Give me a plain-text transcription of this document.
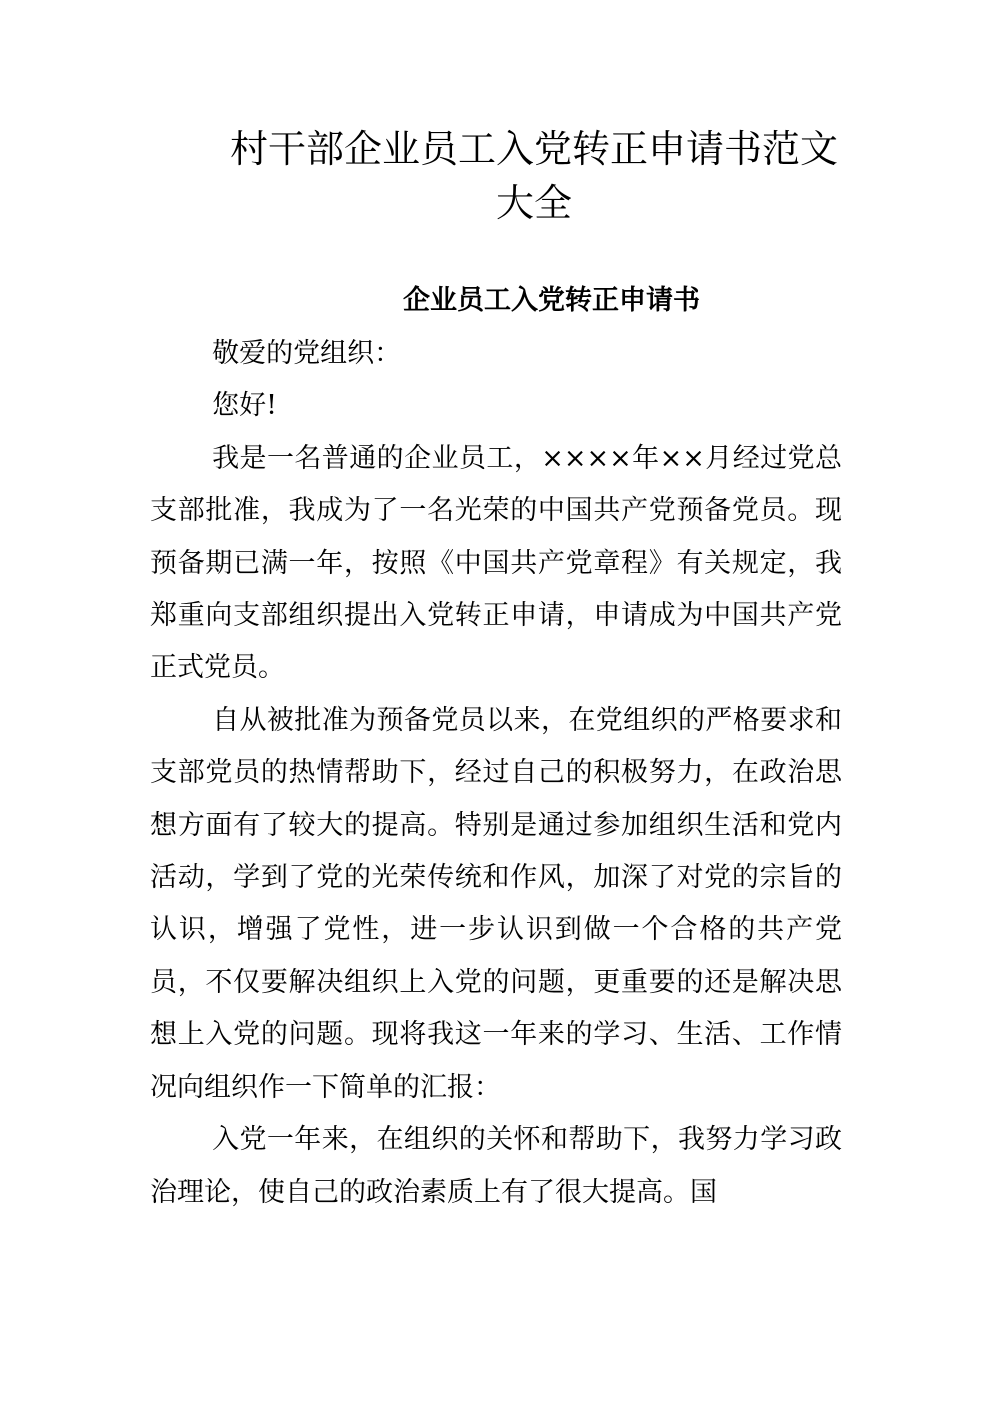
村干部企业员工入党转正申请书范文大全
企业员工入党转正申请书

敬爱的党组织：

您好!

我是一名普通的企业员工，××××年××月经过党总支部批准，我成为了一名光荣的中国共产党预备党员。现预备期已满一年，按照《中国共产党章程》有关规定，我郑重向支部组织提出入党转正申请，申请成为中国共产党正式党员。

自从被批准为预备党员以来，在党组织的严格要求和支部党员的热情帮助下，经过自己的积极努力，在政治思想方面有了较大的提高。特别是通过参加组织生活和党内活动，学到了党的光荣传统和作风，加深了对党的宗旨的认识，增强了党性，进一步认识到做一个合格的共产党员，不仅要解决组织上入党的问题，更重要的还是解决思想上入党的问题。现将我这一年来的学习、生活、工作情况向组织作一下简单的汇报：

入党一年来，在组织的关怀和帮助下，我努力学习政治理论，使自己的政治素质上有了很大提高。国
